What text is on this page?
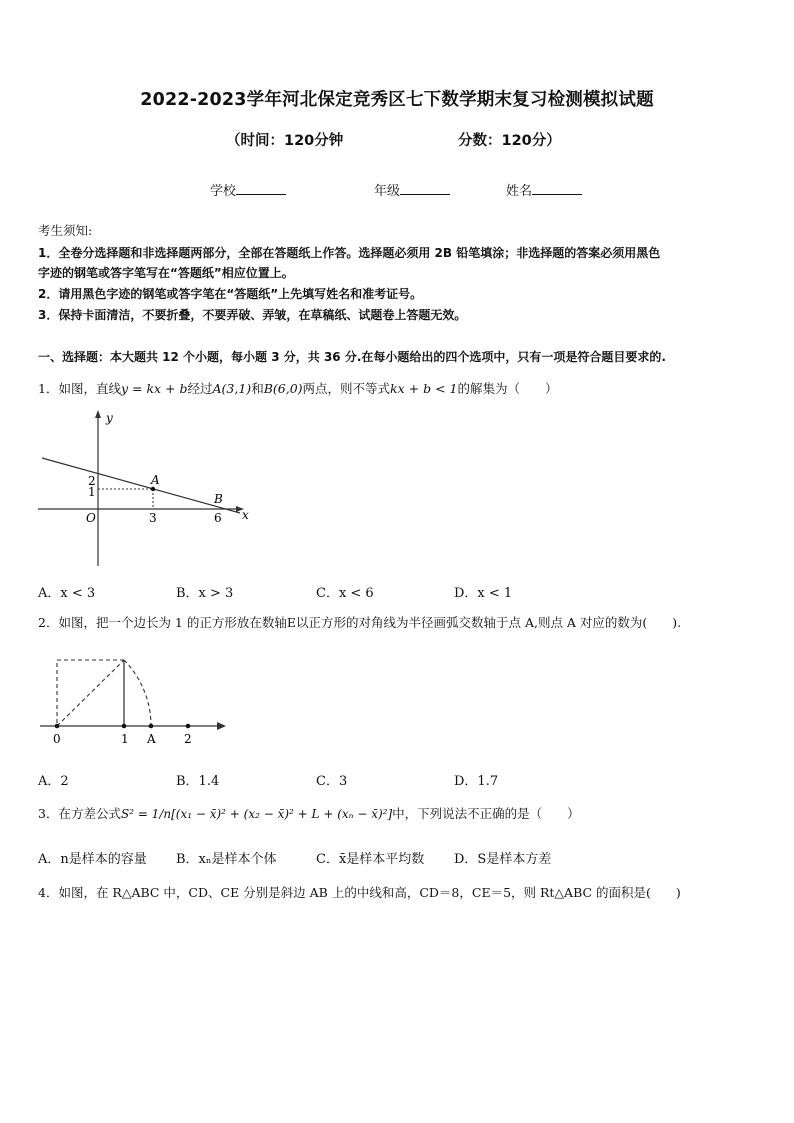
2022-2023学年河北保定竞秀区七下数学期末复习检测模拟试题
（时间：120分钟	分数：120分）
学校	年级	姓名
考生须知:
1．全卷分选择题和非选择题两部分，全部在答题纸上作答。选择题必须用 2B 铅笔填涂；非选择题的答案必须用黑色
字迹的钢笔或答字笔写在“答题纸”相应位置上。
2．请用黑色字迹的钢笔或答字笔在“答题纸”上先填写姓名和准考证号。
3．保持卡面清洁，不要折叠，不要弄破、弄皱，在草稿纸、试题卷上答题无效。
一、选择题：本大题共 12 个小题，每小题 3 分，共 36 分.在每小题给出的四个选项中，只有一项是符合题目要求的.
1．如图，直线y = kx + b经过A(3,1)和B(6,0)两点，则不等式kx + b < 1的解集为（　　）
y
x
O
2
1
3	6
A
B
A．x < 3	B．x > 3	C．x < 6	D．x < 1
2．如图，把一个边长为 1 的正方形放在数轴E以正方形的对角线为半径画弧交数轴于点 A,则点 A 对应的数为(　　).
0	1 A 2
A．2	B．1.4	C．3	D．1.7
3．在方差公式S² = 1/n[(x₁ − x̄)² + (x₂ − x̄)² + L + (xₙ − x̄)²]中，下列说法不正确的是（　　）
A．n是样本的容量 B．xₙ是样本个体	C．x̄是样本平均数 D．S是样本方差
4．如图，在 R△ABC 中，CD、CE 分别是斜边 AB 上的中线和高，CD＝8，CE＝5，则 Rt△ABC 的面积是(　　)
